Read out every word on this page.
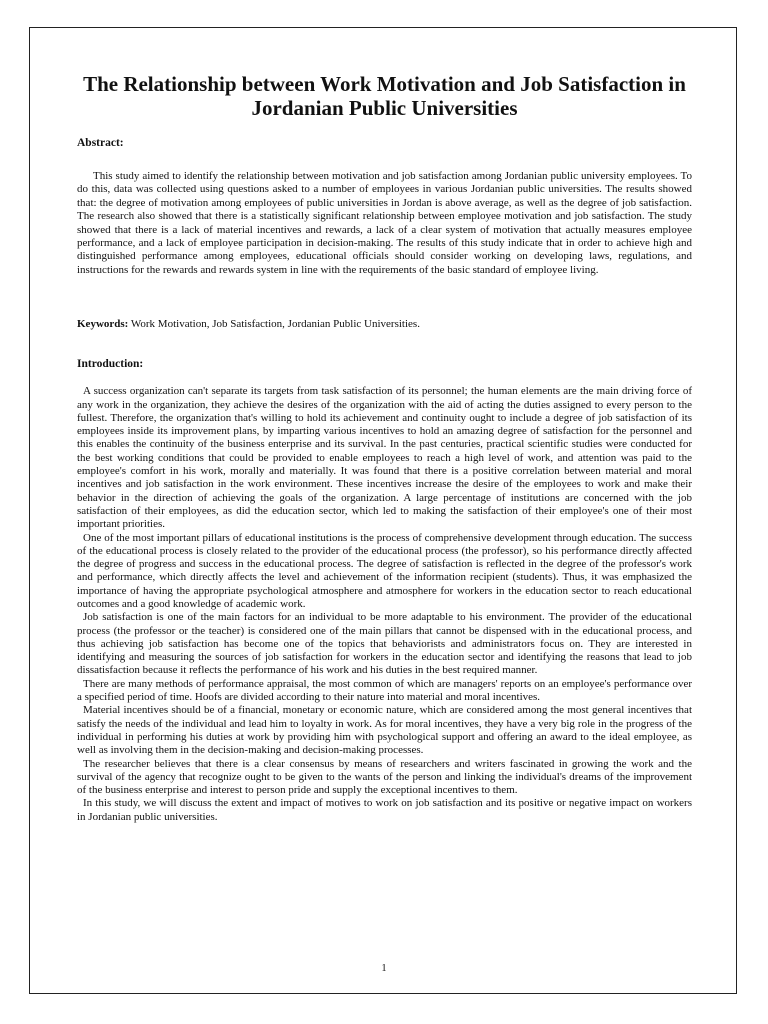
The Relationship between Work Motivation and Job Satisfaction in Jordanian Public Universities
Abstract:

This study aimed to identify the relationship between motivation and job satisfaction among Jordanian public university employees. To do this, data was collected using questions asked to a number of employees in various Jordanian public universities. The results showed that: the degree of motivation among employees of public universities in Jordan is above average, as well as the degree of job satisfaction. The research also showed that there is a statistically significant relationship between employee motivation and job satisfaction. The study showed that there is a lack of material incentives and rewards, a lack of a clear system of motivation that actually measures employee performance, and a lack of employee participation in decision-making. The results of this study indicate that in order to achieve high and distinguished performance among employees, educational officials should consider working on developing laws, regulations, and instructions for the rewards and rewards system in line with the requirements of the basic standard of employee living.

Keywords: Work Motivation, Job Satisfaction, Jordanian Public Universities.

Introduction:

A success organization can't separate its targets from task satisfaction of its personnel; the human elements are the main driving force of any work in the organization, they achieve the desires of the organization with the aid of acting the duties assigned to every person to the fullest. Therefore, the organization that's willing to hold its achievement and continuity ought to include a degree of job satisfaction of its employees inside its improvement plans, by imparting various incentives to hold an amazing degree of satisfaction for the personnel and this enables the continuity of the business enterprise and its survival. In the past centuries, practical scientific studies were conducted for the best working conditions that could be provided to enable employees to reach a high level of work, and attention was paid to the employee's comfort in his work, morally and materially. It was found that there is a positive correlation between material and moral incentives and job satisfaction in the work environment. These incentives increase the desire of the employees to work and make their behavior in the direction of achieving the goals of the organization. A large percentage of institutions are concerned with the job satisfaction of their employees, as did the education sector, which led to making the satisfaction of their employee's one of their most important priorities.

One of the most important pillars of educational institutions is the process of comprehensive development through education. The success of the educational process is closely related to the provider of the educational process (the professor), so his performance directly affected the degree of progress and success in the educational process. The degree of satisfaction is reflected in the degree of the professor's work and performance, which directly affects the level and achievement of the information recipient (students). Thus, it was emphasized the importance of having the appropriate psychological atmosphere and atmosphere for workers in the education sector to reach educational outcomes and a good knowledge of academic work.

Job satisfaction is one of the main factors for an individual to be more adaptable to his environment. The provider of the educational process (the professor or the teacher) is considered one of the main pillars that cannot be dispensed with in the educational process, and thus achieving job satisfaction has become one of the topics that behaviorists and administrators focus on. They are interested in identifying and measuring the sources of job satisfaction for workers in the education sector and identifying the reasons that lead to job dissatisfaction because it reflects the performance of his work and his duties in the best required manner.

There are many methods of performance appraisal, the most common of which are managers' reports on an employee's performance over a specified period of time. Hoofs are divided according to their nature into material and moral incentives.

Material incentives should be of a financial, monetary or economic nature, which are considered among the most general incentives that satisfy the needs of the individual and lead him to loyalty in work. As for moral incentives, they have a very big role in the progress of the individual in performing his duties at work by providing him with psychological support and offering an award to the ideal employee, as well as involving them in the decision-making and decision-making processes.

The researcher believes that there is a clear consensus by means of researchers and writers fascinated in growing the work and the survival of the agency that recognize ought to be given to the wants of the person and linking the individual's dreams of the improvement of the business enterprise and interest to person pride and supply the exceptional incentives to them.

In this study, we will discuss the extent and impact of motives to work on job satisfaction and its positive or negative impact on workers in Jordanian public universities.

1
